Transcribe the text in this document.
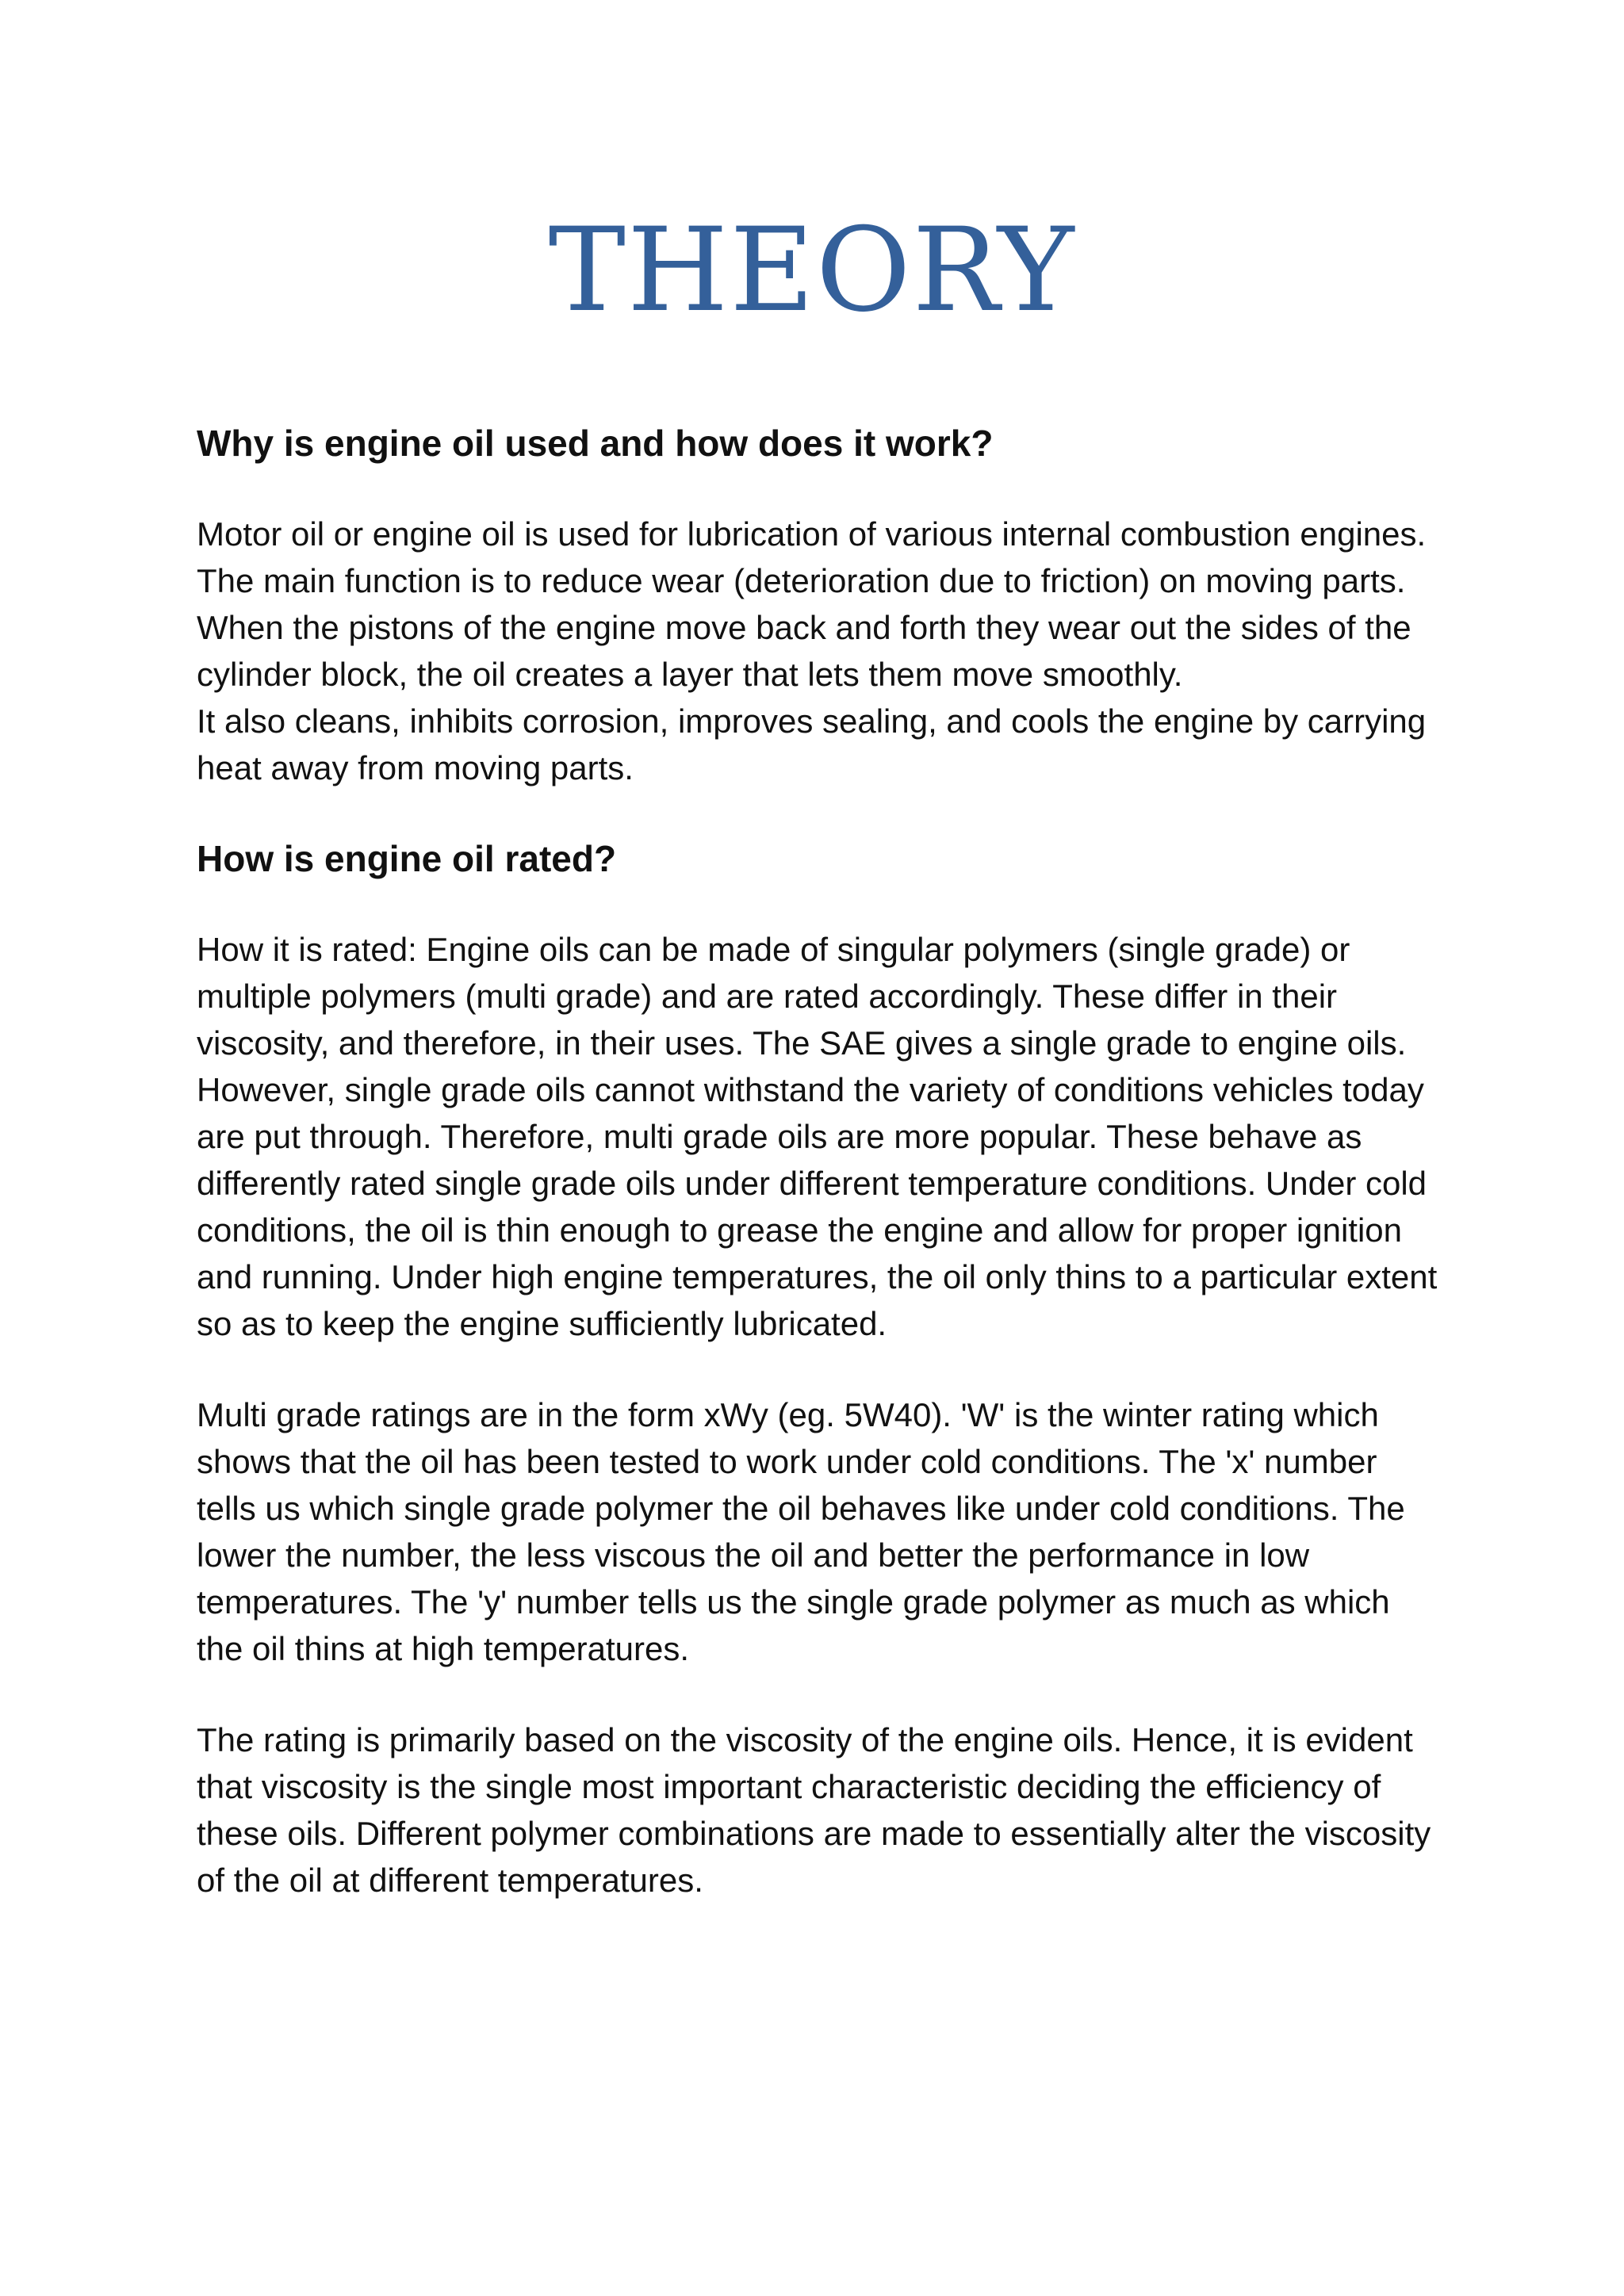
THEORY
Why is engine oil used and how does it work?

Motor oil or engine oil is used for lubrication of various internal combustion engines.

The main function is to reduce wear (deterioration due to friction) on moving parts. When the pistons of the engine move back and forth they wear out the sides of the cylinder block, the oil creates a layer that lets them move smoothly.

It also cleans, inhibits corrosion, improves sealing, and cools the engine by carrying heat away from moving parts.

How is engine oil rated?

How it is rated: Engine oils can be made of singular polymers (single grade) or multiple polymers (multi grade) and are rated accordingly. These differ in their viscosity, and therefore, in their uses. The SAE gives a single grade to engine oils. However, single grade oils cannot withstand the variety of conditions vehicles today are put through. Therefore, multi grade oils are more popular. These behave as differently rated single grade oils under different temperature conditions. Under cold conditions, the oil is thin enough to grease the engine and allow for proper ignition and running. Under high engine temperatures, the oil only thins to a particular extent so as to keep the engine sufficiently lubricated.

Multi grade ratings are in the form xWy (eg. 5W40). 'W' is the winter rating which shows that the oil has been tested to work under cold conditions. The 'x' number tells us which single grade polymer the oil behaves like under cold conditions. The lower the number, the less viscous the oil and better the performance in low temperatures. The 'y' number tells us the single grade polymer as much as which the oil thins at high temperatures.

The rating is primarily based on the viscosity of the engine oils. Hence, it is evident that viscosity is the single most important characteristic deciding the efficiency of these oils. Different polymer combinations are made to essentially alter the viscosity of the oil at different temperatures.
